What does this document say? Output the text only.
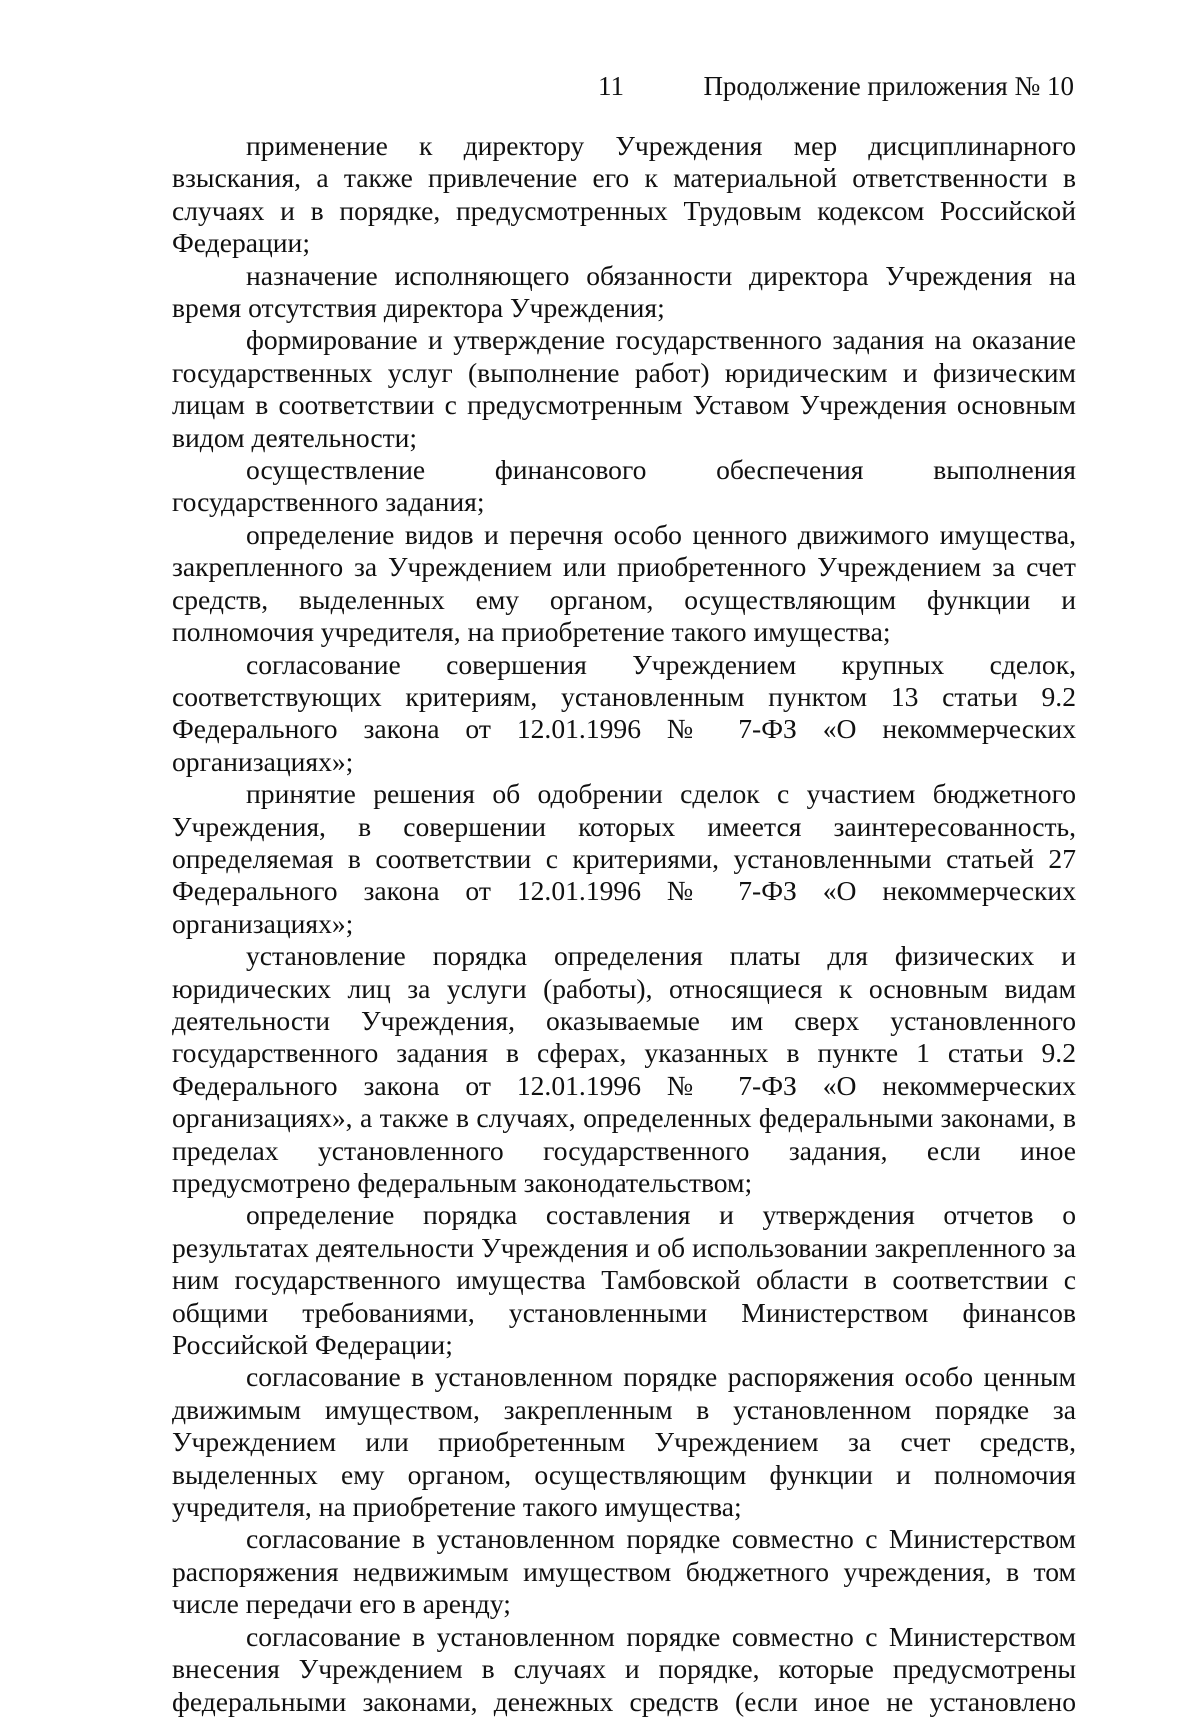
11	Продолжение приложения № 10

применение к директору Учреждения мер дисциплинарного взыскания, а также привлечение его к материальной ответственности в случаях и в порядке, предусмотренных Трудовым кодексом Российской Федерации;

назначение исполняющего обязанности директора Учреждения на время отсутствия директора Учреждения;

формирование и утверждение государственного задания на оказание государственных услуг (выполнение работ) юридическим и физическим лицам в соответствии с предусмотренным Уставом Учреждения основным видом деятельности;

осуществление финансового обеспечения выполнения государственного задания;

определение видов и перечня особо ценного движимого имущества, закрепленного за Учреждением или приобретенного Учреждением за счет средств, выделенных ему органом, осуществляющим функции и полномочия учредителя, на приобретение такого имущества;

согласование совершения Учреждением крупных сделок, соответствующих критериям, установленным пунктом 13 статьи 9.2 Федерального закона от 12.01.1996 № 7-ФЗ «О некоммерческих организациях»;

принятие решения об одобрении сделок с участием бюджетного Учреждения, в совершении которых имеется заинтересованность, определяемая в соответствии с критериями, установленными статьей 27 Федерального закона от 12.01.1996 № 7-ФЗ «О некоммерческих организациях»;

установление порядка определения платы для физических и юридических лиц за услуги (работы), относящиеся к основным видам деятельности Учреждения, оказываемые им сверх установленного государственного задания в сферах, указанных в пункте 1 статьи 9.2 Федерального закона от 12.01.1996 № 7-ФЗ «О некоммерческих организациях», а также в случаях, определенных федеральными законами, в пределах установленного государственного задания, если иное предусмотрено федеральным законодательством;

определение порядка составления и утверждения отчетов о результатах деятельности Учреждения и об использовании закрепленного за ним государственного имущества Тамбовской области в соответствии с общими требованиями, установленными Министерством финансов Российской Федерации;

согласование в установленном порядке распоряжения особо ценным движимым имуществом, закрепленным в установленном порядке за Учреждением или приобретенным Учреждением за счет средств, выделенных ему органом, осуществляющим функции и полномочия учредителя, на приобретение такого имущества;

согласование в установленном порядке совместно с Министерством распоряжения недвижимым имуществом бюджетного учреждения, в том числе передачи его в аренду;

согласование в установленном порядке совместно с Министерством внесения Учреждением в случаях и порядке, которые предусмотрены федеральными законами, денежных средств (если иное не установлено
